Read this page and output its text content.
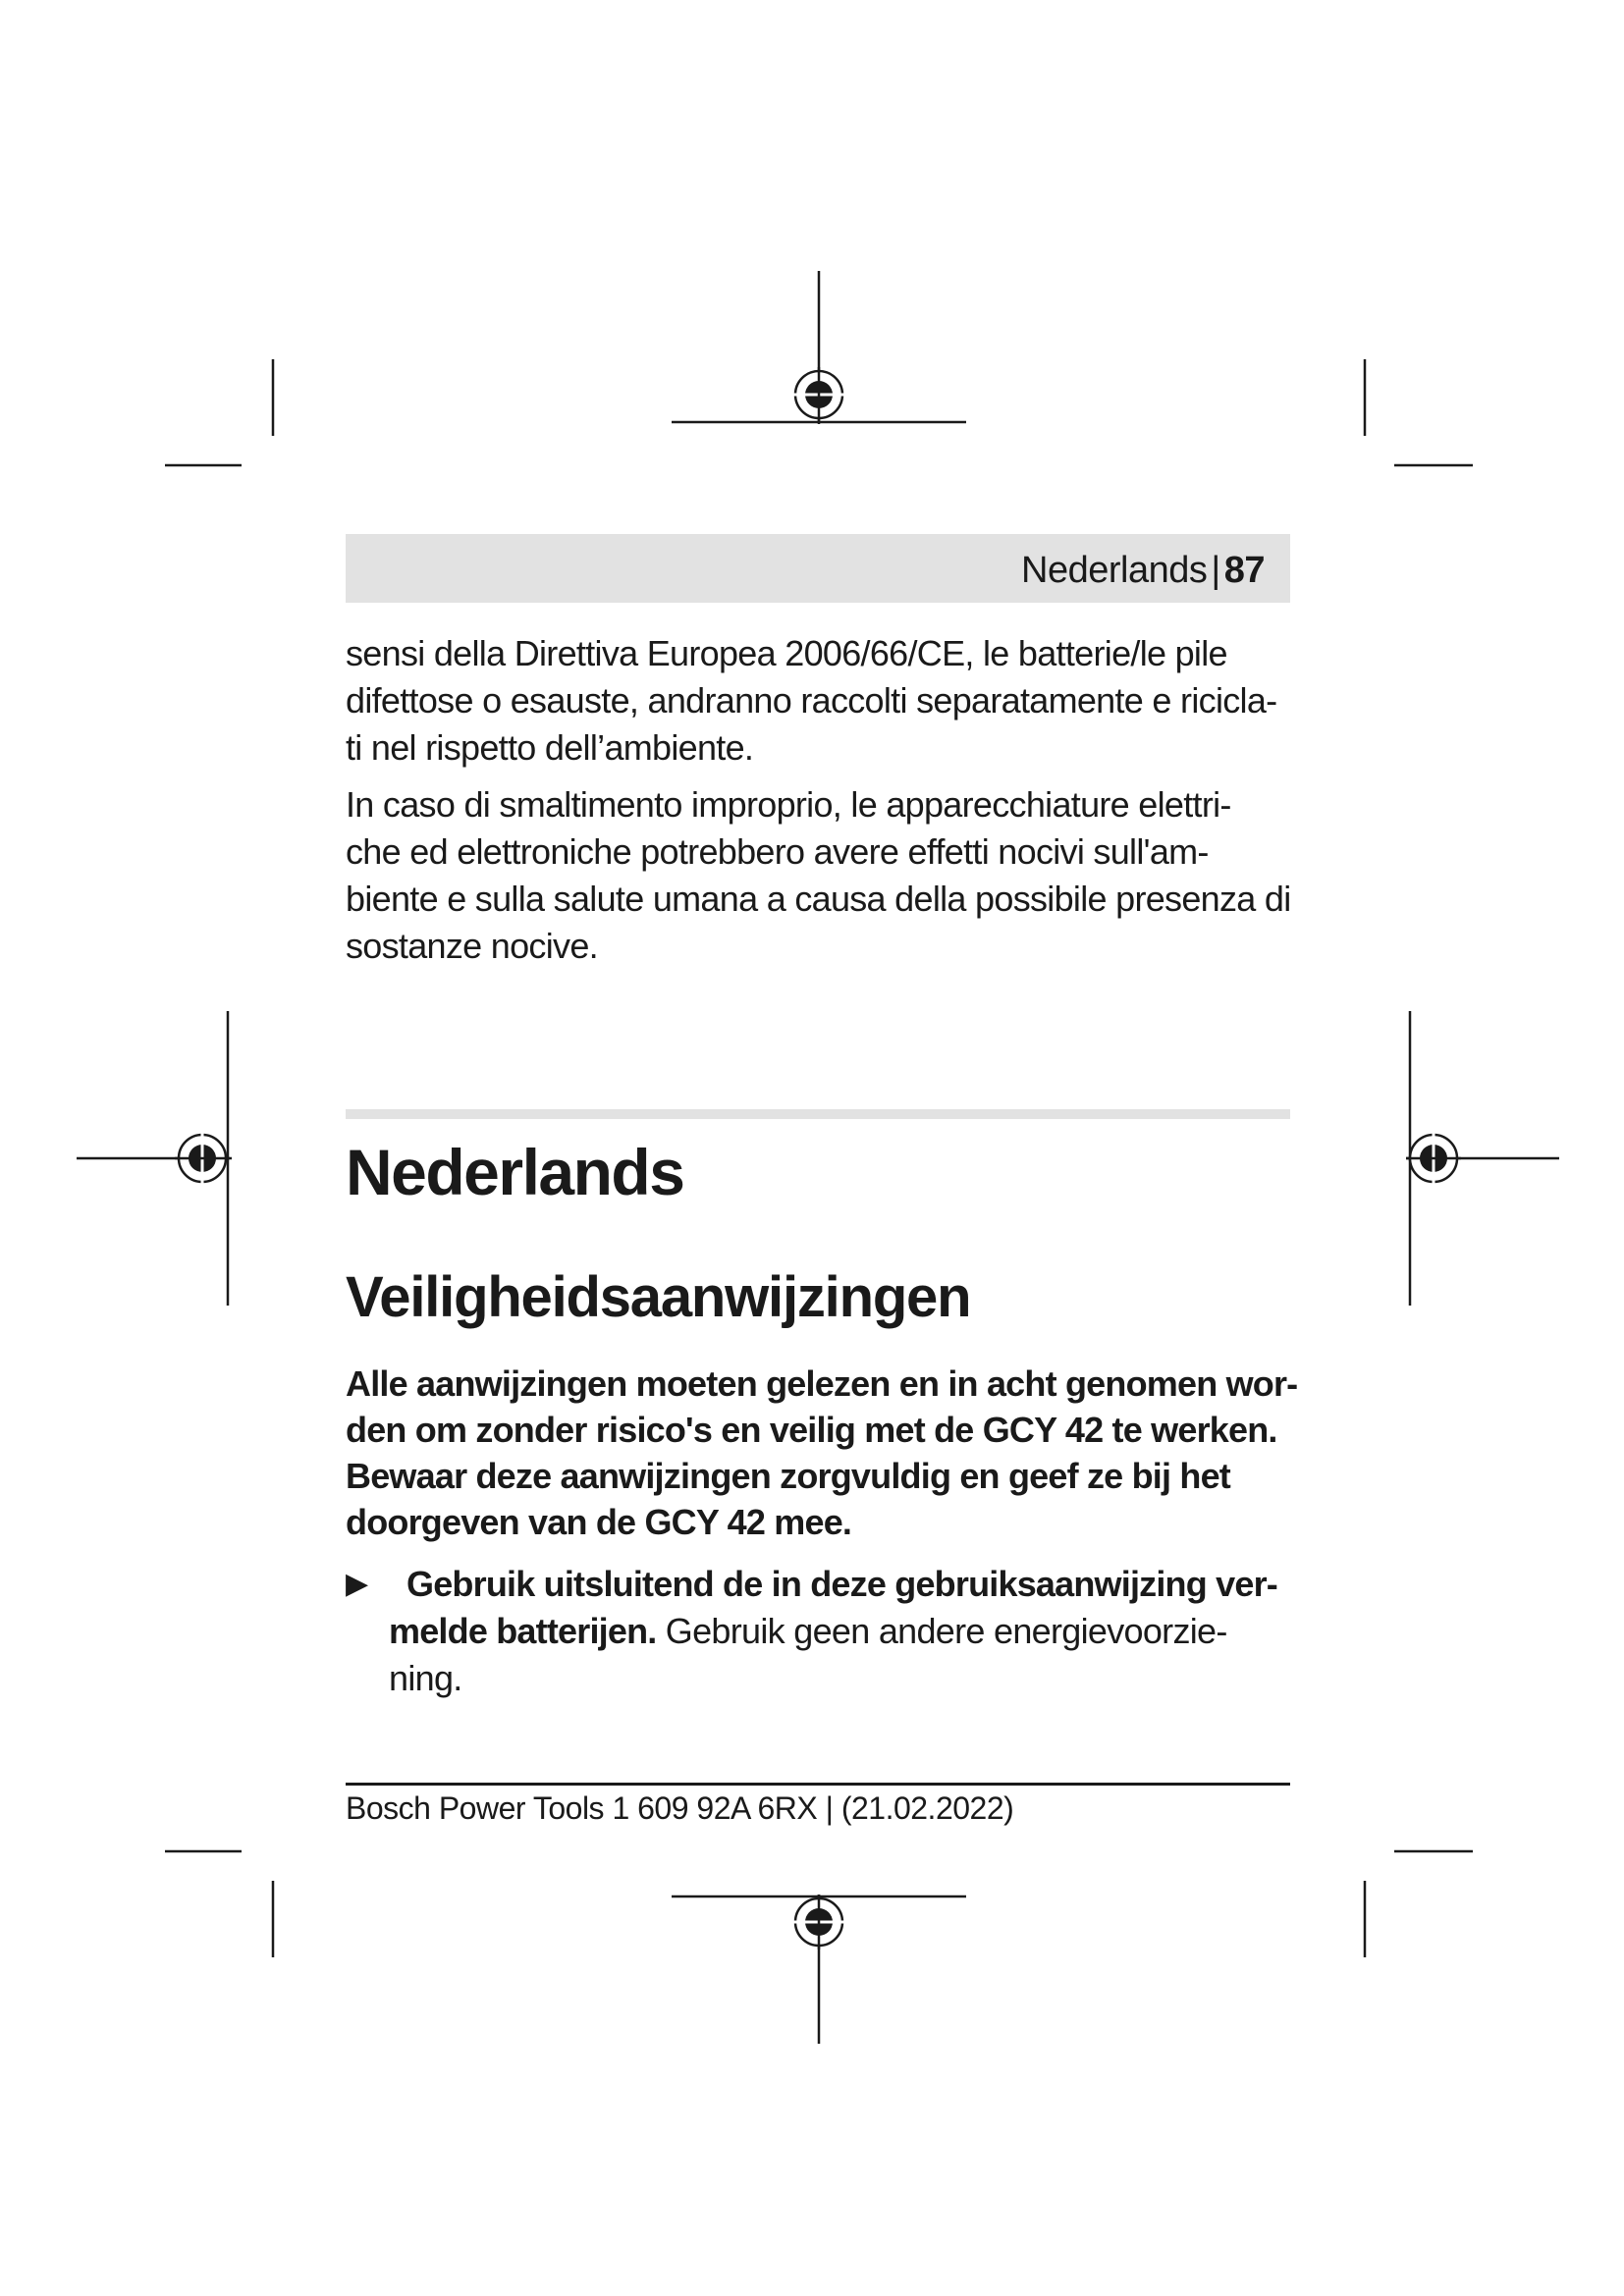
Nederlands | 87

sensi della Direttiva Europea 2006/66/CE, le batterie/le pile

difettose o esauste, andranno raccolti separatamente e ricicla-

ti nel rispetto dell’ambiente.

In caso di smaltimento improprio, le apparecchiature elettri-

che ed elettroniche potrebbero avere effetti nocivi sull'am-

biente e sulla salute umana a causa della possibile presenza di

sostanze nocive.

Nederlands
Veiligheidsaanwijzingen

Alle aanwijzingen moeten gelezen en in acht genomen wor-
den om zonder risico's en veilig met de GCY 42 te werken.
Bewaar deze aanwijzingen zorgvuldig en geef ze bij het
doorgeven van de GCY 42 mee.

▶	Gebruik uitsluitend de in deze gebruiksaanwijzing ver-
melde batterijen. Gebruik geen andere energievoorzie-
ning.
Bosch Power Tools 1 609 92A 6RX | (21.02.2022)
